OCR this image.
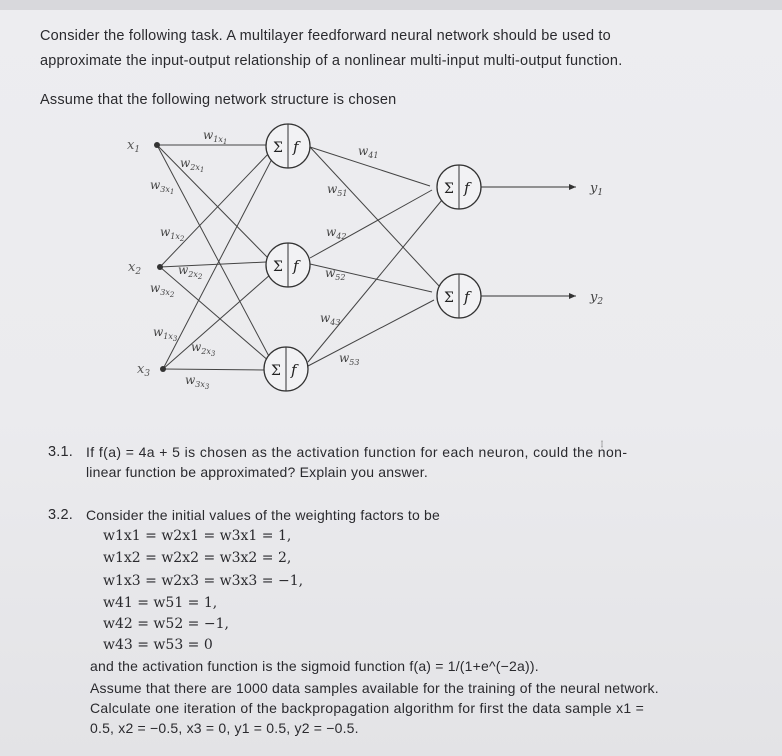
Consider the following task. A multilayer feedforward neural network should be used to
approximate the input-output relationship of a nonlinear multi-input multi-output function.
Assume that the following network structure is chosen
Σ f
Σ f
Σ f
Σ f
Σ f
$x_1$
$x_2$
$x_3$
$y_1$
$y_2$
$w_{1x}1$
$w_{2x}1$
$w_{3x}1$
$w_{1x}2$
$w_{2x}2$
$w_{3x}2$
$w_{1x}3$
$w_{2x}3$
$w_{3x}3$
$w_{41}$
$w_{51}$
$w_{42}$
$w_{52}$
$w_{43}$
$w_{53}$
3.1. If f(a) = 4a + 5 is chosen as the activation function for each neuron, could the non-
linear function be approximated? Explain you answer.
3.2. Consider the initial values of the weighting factors to be
w1x1 = w2x1 = w3x1 = 1,
w1x2 = w2x2 = w3x2 = 2,
w1x3 = w2x3 = w3x3 = −1,
w41 = w51 = 1,
w42 = w52 = −1,
w43 = w53 = 0
and the activation function is the sigmoid function f(a) = 1/(1+e^(−2a)).
Assume that there are 1000 data samples available for the training of the neural network.
Calculate one iteration of the backpropagation algorithm for first the data sample x1 =
0.5, x2 = −0.5, x3 = 0, y1 = 0.5, y2 = −0.5.
